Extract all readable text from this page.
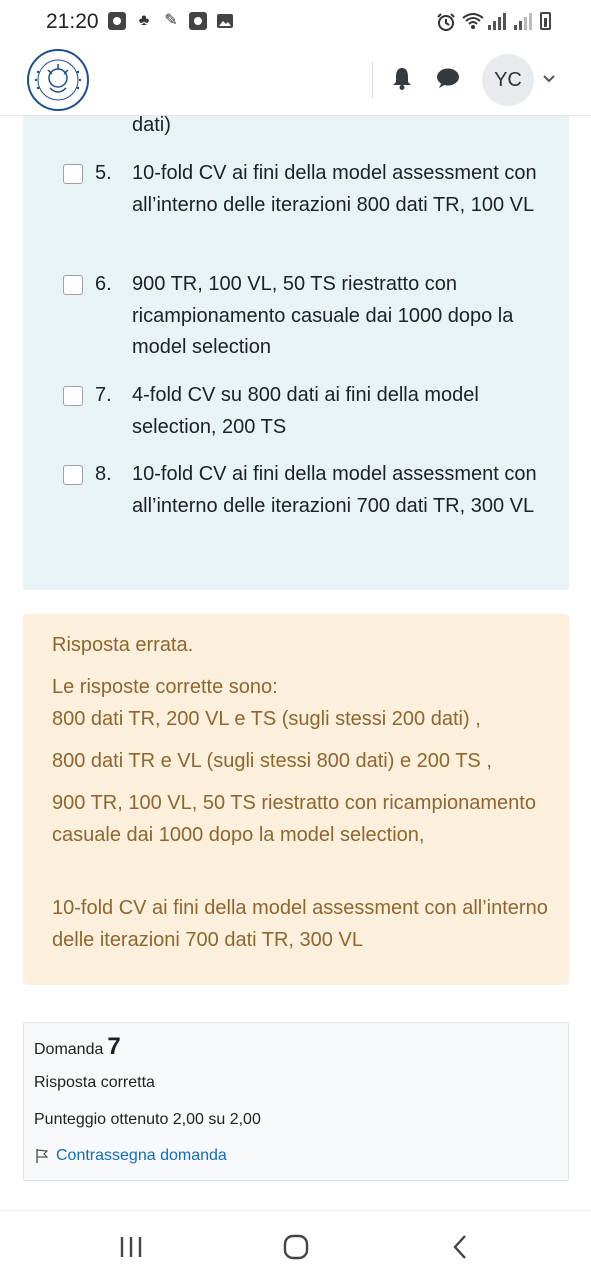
21:20	♣ ✎
YC
dati)
5. 10-fold CV ai fini della model assessment con all’interno delle iterazioni 800 dati TR, 100 VL
6. 900 TR, 100 VL, 50 TS riestratto con ricampionamento casuale dai 1000 dopo la model selection
7. 4-fold CV su 800 dati ai fini della model selection, 200 TS
8. 10-fold CV ai fini della model assessment con all’interno delle iterazioni 700 dati TR, 300 VL
Risposta errata.
Le risposte corrette sono:
800 dati TR, 200 VL e TS (sugli stessi 200 dati) ,
800 dati TR e VL (sugli stessi 800 dati) e 200 TS ,
900 TR, 100 VL, 50 TS riestratto con ricampionamento casuale dai 1000 dopo la model selection,
10-fold CV ai fini della model assessment con all’interno delle iterazioni 700 dati TR, 300 VL
Domanda 7
Risposta corretta
Punteggio ottenuto 2,00 su 2,00
Contrassegna domanda
